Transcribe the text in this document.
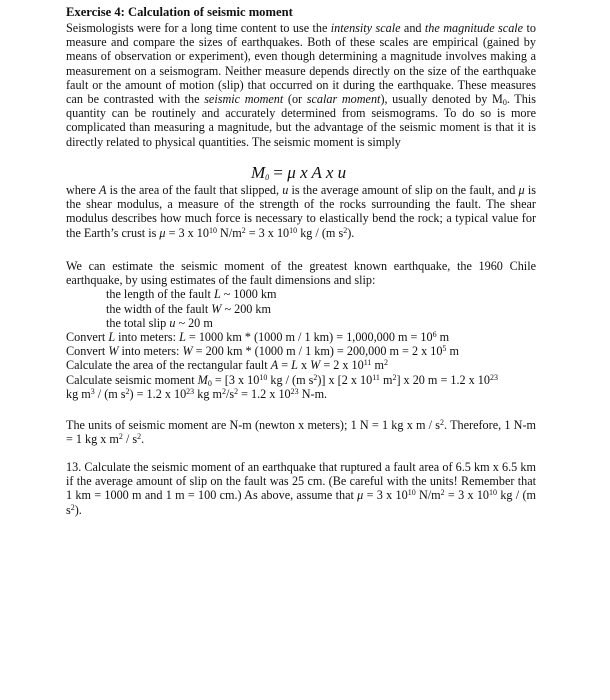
Exercise 4: Calculation of seismic moment
Seismologists were for a long time content to use the intensity scale and the magnitude scale to measure and compare the sizes of earthquakes. Both of these scales are empirical (gained by means of observation or experiment), even though determining a magnitude involves making a measurement on a seismogram. Neither measure depends directly on the size of the earthquake fault or the amount of motion (slip) that occurred on it during the earthquake. These measures can be contrasted with the seismic moment (or scalar moment), usually denoted by $M_0$. This quantity can be routinely and accurately determined from seismograms. To do so is more complicated than measuring a magnitude, but the advantage of the seismic moment is that it is directly related to physical quantities. The seismic moment is simply
$M_0 = \mu$ x A x u
where A is the area of the fault that slipped, u is the average amount of slip on the fault, and μ is the shear modulus, a measure of the strength of the rocks surrounding the fault. The shear modulus describes how much force is necessary to elastically bend the rock; a typical value for the Earth’s crust is μ = 3 x $10^{10}$ $N/m^2 = 3$ x $10^{10}$ kg / (m $s^2$).
We can estimate the seismic moment of the greatest known earthquake, the 1960 Chile earthquake, by using estimates of the fault dimensions and slip:
the length of the fault L ~ 1000 km
the width of the fault W ~ 200 km
the total slip u ~ 20 m
Convert L into meters: L = 1000 km * (1000 m / 1 km) = 1,000,000 $m = 10^6$ m
Convert W into meters: W = 200 km * (1000 m / 1 km) = 200,000 m = 2 x $10^5$ m
Calculate the area of the rectangular fault A = L x W = 2 x $10^{11}$ $m^2$
Calculate seismic moment $M_0 = [3$ x $10^{10}$ kg / (m $s^2$)] x [2 x $10^{11}$ $m^2$] x 20 m = 1.2 x $10^{23}$
kg $m^3 / (m$ $s^2) = 1.2$ x $10^{23}$ kg $m^2/s^2 = 1.2$ x $10^{23}$ N-m.
The units of seismic moment are N-m (newton x meters); 1 N = 1 kg x m / $s^2$. Therefore, 1 N-m = 1 kg x $m^2 / s^2$.
13. Calculate the seismic moment of an earthquake that ruptured a fault area of 6.5 km x 6.5 km if the average amount of slip on the fault was 25 cm. (Be careful with the units! Remember that 1 km = 1000 m and 1 m = 100 cm.) As above, assume that μ = 3 x $10^{10}$ $N/m^2 = 3$ x $10^{10}$ kg / (m $s^2$).
